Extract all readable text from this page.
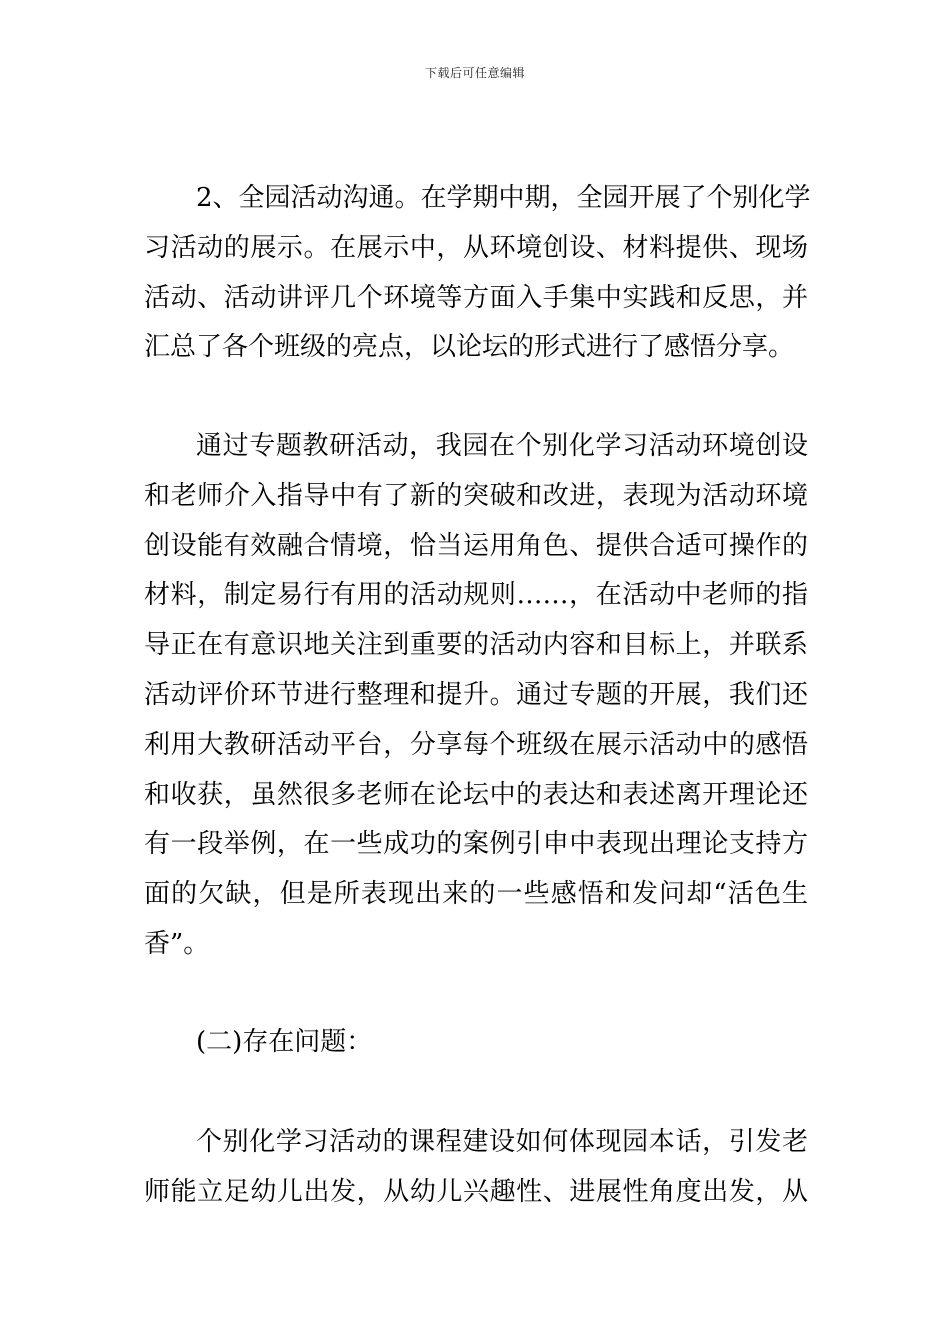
下载后可任意编辑
2、全园活动沟通。在学期中期，全园开展了个别化学
习活动的展示。在展示中，从环境创设、材料提供、现场
活动、活动讲评几个环境等方面入手集中实践和反思，并
汇总了各个班级的亮点，以论坛的形式进行了感悟分享。
通过专题教研活动，我园在个别化学习活动环境创设
和老师介入指导中有了新的突破和改进，表现为活动环境
创设能有效融合情境，恰当运用角色、提供合适可操作的
材料，制定易行有用的活动规则……，在活动中老师的指
导正在有意识地关注到重要的活动内容和目标上，并联系
活动评价环节进行整理和提升。通过专题的开展，我们还
利用大教研活动平台，分享每个班级在展示活动中的感悟
和收获，虽然很多老师在论坛中的表达和表述离开理论还
有一段举例，在一些成功的案例引申中表现出理论支持方
面的欠缺，但是所表现出来的一些感悟和发问却“活色生
香”。
(二)存在问题：
个别化学习活动的课程建设如何体现园本话，引发老
师能立足幼儿出发，从幼儿兴趣性、进展性角度出发，从
